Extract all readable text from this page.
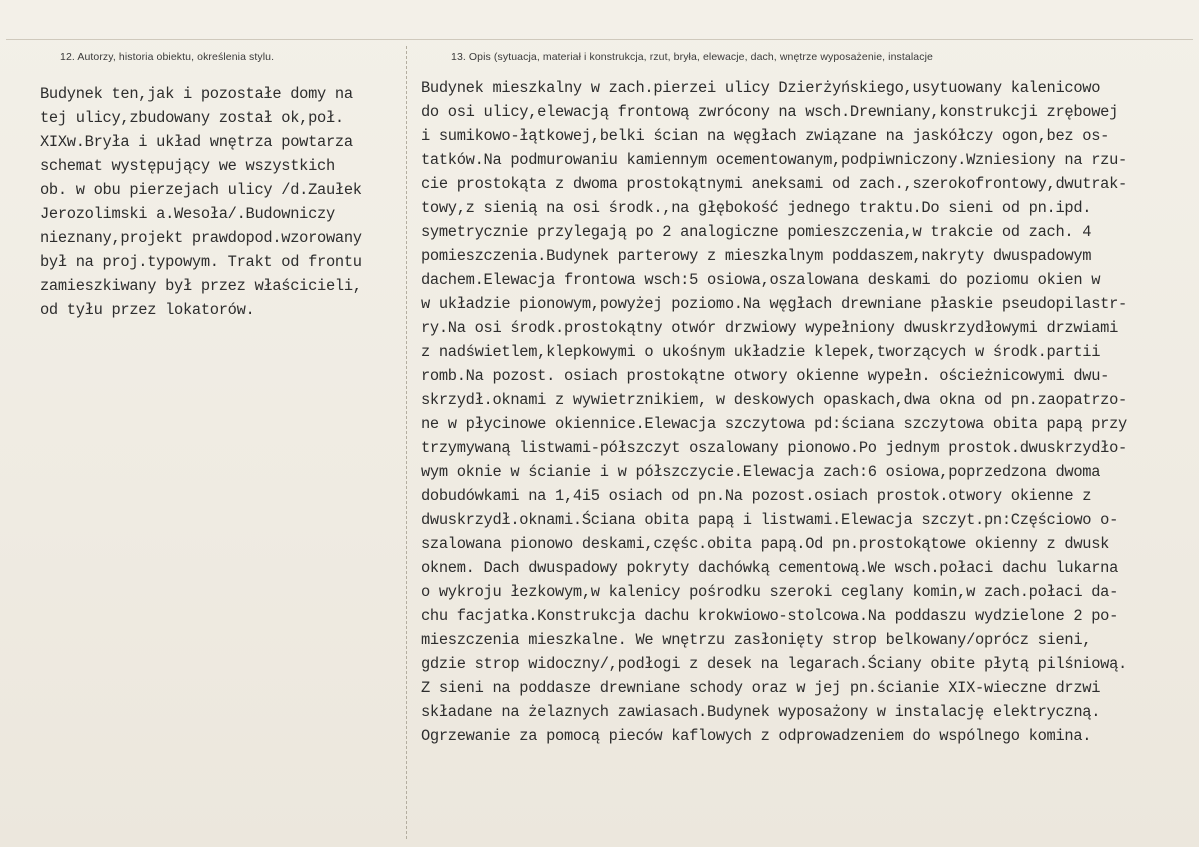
12. Autorzy, historia obiektu, określenia stylu.	13. Opis (sytuacja, materiał i konstrukcja, rzut, bryła, elewacje, dach, wnętrze wyposażenie, instalacje
Budynek ten,jak i pozostałe domy na
tej ulicy,zbudowany został ok,poł.
XIXw.Bryła i układ wnętrza powtarza
schemat występujący we wszystkich
ob. w obu pierzejach ulicy /d.Zaułek
Jerozolimski a.Wesoła/.Budowniczy
nieznany,projekt prawdopod.wzorowany
był na proj.typowym. Trakt od frontu
zamieszkiwany był przez właścicieli,
od tyłu przez lokatorów.
Budynek mieszkalny w zach.pierzei ulicy Dzierżyńskiego,usytuowany kalenicowo
do osi ulicy,elewacją frontową zwrócony na wsch.Drewniany,konstrukcji zrębowej
i sumikowo-łątkowej,belki ścian na węgłach związane na jaskółczy ogon,bez os-
tatków.Na podmurowaniu kamiennym ocementowanym,podpiwniczony.Wzniesiony na rzu-
cie prostokąta z dwoma prostokątnymi aneksami od zach.,szerokofrontowy,dwutrak-
towy,z sienią na osi środk.,na głębokość jednego traktu.Do sieni od pn.ipd.
symetrycznie przylegają po 2 analogiczne pomieszczenia,w trakcie od zach. 4
pomieszczenia.Budynek parterowy z mieszkalnym poddaszem,nakryty dwuspadowym
dachem.Elewacja frontowa wsch:5 osiowa,oszalowana deskami do poziomu okien w
w układzie pionowym,powyżej poziomo.Na węgłach drewniane płaskie pseudopilastr-
ry.Na osi środk.prostokątny otwór drzwiowy wypełniony dwuskrzydłowymi drzwiami
z nadświetlem,klepkowymi o ukośnym układzie klepek,tworzących w środk.partii
romb.Na pozost. osiach prostokątne otwory okienne wypełn. ościeżnicowymi dwu-
skrzydł.oknami z wywietrznikiem, w deskowych opaskach,dwa okna od pn.zaopatrzo-
ne w płycinowe okiennice.Elewacja szczytowa pd:ściana szczytowa obita papą przy
trzymywaną listwami-półszczyt oszalowany pionowo.Po jednym prostok.dwuskrzydło-
wym oknie w ścianie i w półszczycie.Elewacja zach:6 osiowa,poprzedzona dwoma
dobudówkami na 1,4i5 osiach od pn.Na pozost.osiach prostok.otwory okienne z
dwuskrzydł.oknami.Ściana obita papą i listwami.Elewacja szczyt.pn:Częściowo o-
szalowana pionowo deskami,częśc.obita papą.Od pn.prostokątowe okienny z dwusk
oknem. Dach dwuspadowy pokryty dachówką cementową.We wsch.połaci dachu lukarna
o wykroju łezkowym,w kalenicy pośrodku szeroki ceglany komin,w zach.połaci da-
chu facjatka.Konstrukcja dachu krokwiowo-stolcowa.Na poddaszu wydzielone 2 po-
mieszczenia mieszkalne. We wnętrzu zasłonięty strop belkowany/oprócz sieni,
gdzie strop widoczny/,podłogi z desek na legarach.Ściany obite płytą pilśniową.
Z sieni na poddasze drewniane schody oraz w jej pn.ścianie XIX-wieczne drzwi
składane na żelaznych zawiasach.Budynek wyposażony w instalację elektryczną.
Ogrzewanie za pomocą pieców kaflowych z odprowadzeniem do wspólnego komina.
